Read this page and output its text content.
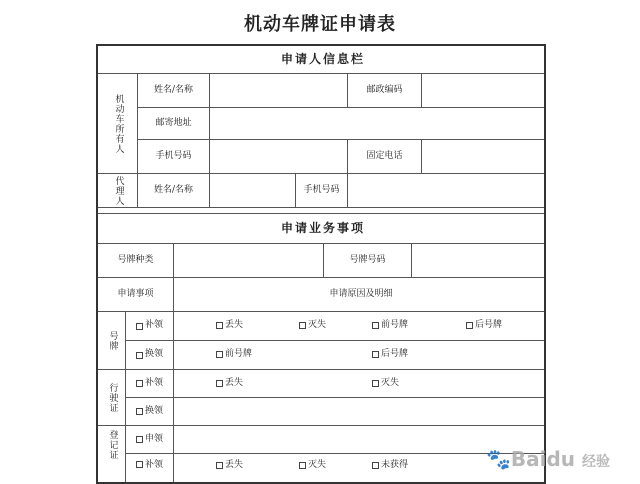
机动车牌证申请表
申请人信息栏
机动车所有人
姓名/名称	邮政编码
邮寄地址
手机号码	固定电话
代理人	姓名/名称	手机号码
申请业务事项
号牌种类	号牌号码
申请事项	申请原因及明细
号牌
补领	丢失	灭失	前号牌	后号牌
换领	前号牌	后号牌
行驶证	补领	丢失	灭失
换领
登记证	申领
补领	丢失	灭失	未获得	🐾Baidu 经验
